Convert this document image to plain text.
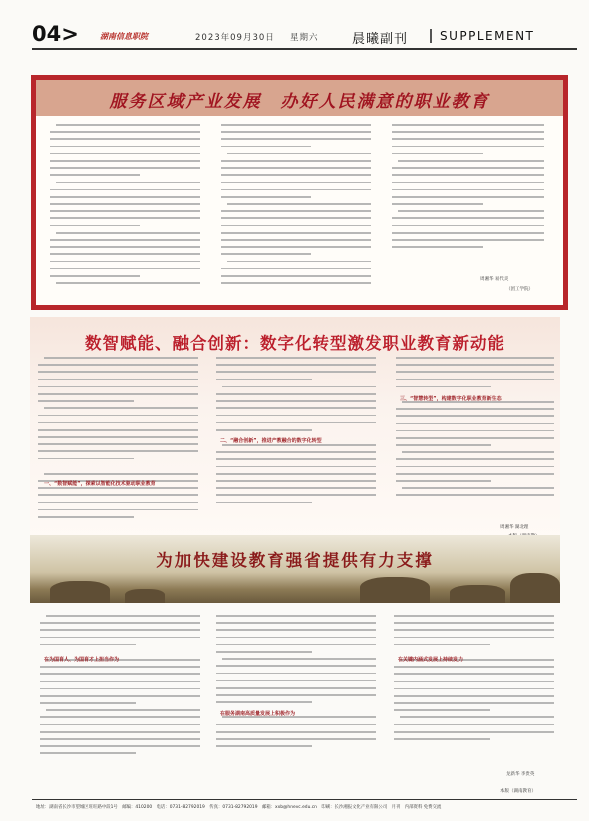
04>	湖南信息职院	2023年09月30日 星期六	晨曦副刊	SUPPLEMENT
服务区域产业发展　办好人民满意的职业教育
周湘华 易代炎
（团工学院）
数智赋能、融合创新：数字化转型激发职业教育新动能
一、“数智赋能”，探索以智能化技术驱动职业教育
二、“融合创新”，推进产教融合的数字化转型
三、“智慧转型”，构建数字化职业教育新生态
周湘华 湖北理
为加快建设教育强省提供有力支撑
在为国育人、为国育才上担当作为
在服务湖南高质量发展上积极作为
在关键内涵式发展上持续发力
龙新华 李贵英
本版（湖南教育）
地址：湖南省长沙市望城区旺旺路中段1号　邮编：410200　电话：0731-82792019　传真：0731-82792019　邮箱：xxb@hnevc.edu.cn　印刷：长沙湘报文化产业有限公司　月刊　内部资料 免费交流
